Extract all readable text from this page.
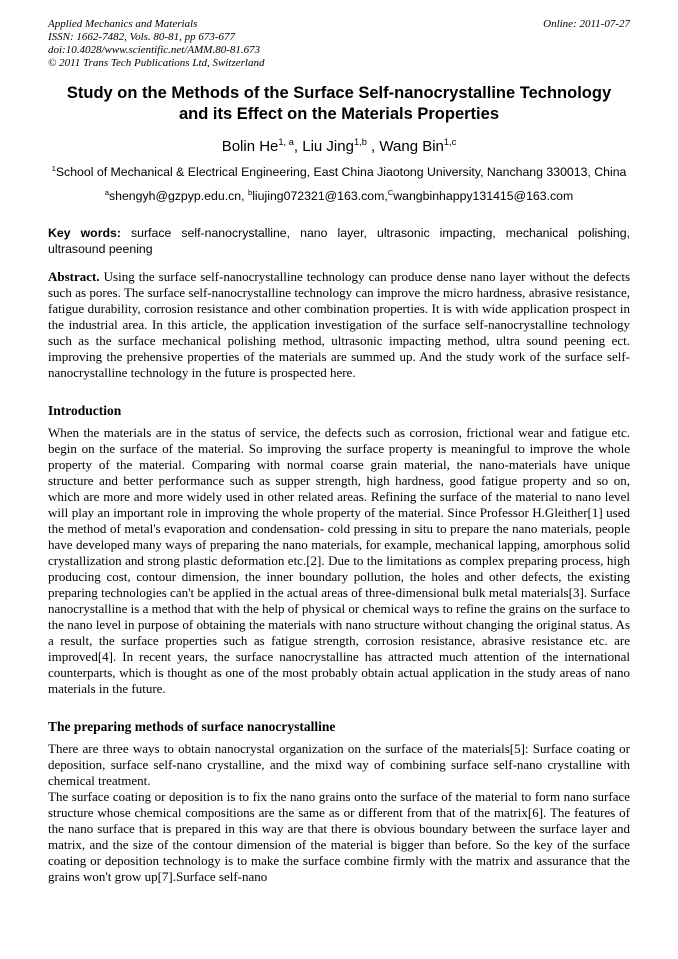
Applied Mechanics and Materials	Online: 2011-07-27
ISSN: 1662-7482, Vols. 80-81, pp 673-677
doi:10.4028/www.scientific.net/AMM.80-81.673
© 2011 Trans Tech Publications Ltd, Switzerland
Study on the Methods of the Surface Self-nanocrystalline Technology
and its Effect on the Materials Properties
Bolin He$^{1, a}$, Liu Jing$^{1,b}$ , Wang Bin$^{1,c}$
$^1$School of Mechanical & Electrical Engineering, East China Jiaotong University, Nanchang 330013, China
$^a$shengyh@gzpyp.edu.cn, $^b$liujing072321@163.com,$^C$wangbinhappy131415@163.com
Key words: surface self-nanocrystalline, nano layer, ultrasonic impacting, mechanical polishing, ultrasound peening
Abstract. Using the surface self-nanocrystalline technology can produce dense nano layer without the defects such as pores. The surface self-nanocrystalline technology can improve the micro hardness, abrasive resistance, fatigue durability, corrosion resistance and other combination properties. It is with wide application prospect in the industrial area. In this article, the application investigation of the surface self-nanocrystalline technology such as the surface mechanical polishing method, ultrasonic impacting method, ultra sound peening ect. improving the prehensive properties of the materials are summed up. And the study work of the surface self-nanocrystalline technology in the future is prospected here.
Introduction

When the materials are in the status of service, the defects such as corrosion, frictional wear and fatigue etc. begin on the surface of the material. So improving the surface property is meaningful to improve the whole property of the material. Comparing with normal coarse grain material, the nano-materials have unique structure and better performance such as supper strength, high hardness, good fatigue property and so on, which are more and more widely used in other related areas. Refining the surface of the material to nano level will play an important role in improving the whole property of the material. Since Professor H.Gleither[1] used the method of metal's evaporation and condensation- cold pressing in situ to prepare the nano materials, people have developed many ways of preparing the nano materials, for example, mechanical lapping, amorphous solid crystallization and strong plastic deformation etc.[2]. Due to the limitations as complex preparing process, high producing cost, contour dimension, the inner boundary pollution, the holes and other defects, the existing preparing technologies can't be applied in the actual areas of three-dimensional bulk metal materials[3]. Surface nanocrystalline is a method that with the help of physical or chemical ways to refine the grains on the surface to the nano level in purpose of obtaining the materials with nano structure without changing the original status. As a result, the surface properties such as fatigue strength, corrosion resistance, abrasive resistance etc. are improved[4]. In recent years, the surface nanocrystalline has attracted much attention of the international counterparts, which is thought as one of the most probably obtain actual application in the study areas of nano materials in the future.

The preparing methods of surface nanocrystalline

There are three ways to obtain nanocrystal organization on the surface of the materials[5]: Surface coating or deposition, surface self-nano crystalline, and the mixd way of combining surface self-nano crystalline with chemical treatment.

The surface coating or deposition is to fix the nano grains onto the surface of the material to form nano surface structure whose chemical compositions are the same as or different from that of the matrix[6]. The features of the nano surface that is prepared in this way are that there is obvious boundary between the surface layer and matrix, and the size of the contour dimension of the material is bigger than before. So the key of the surface coating or deposition technology is to make the surface combine firmly with the matrix and assurance that the grains won't grow up[7].Surface self-nano
